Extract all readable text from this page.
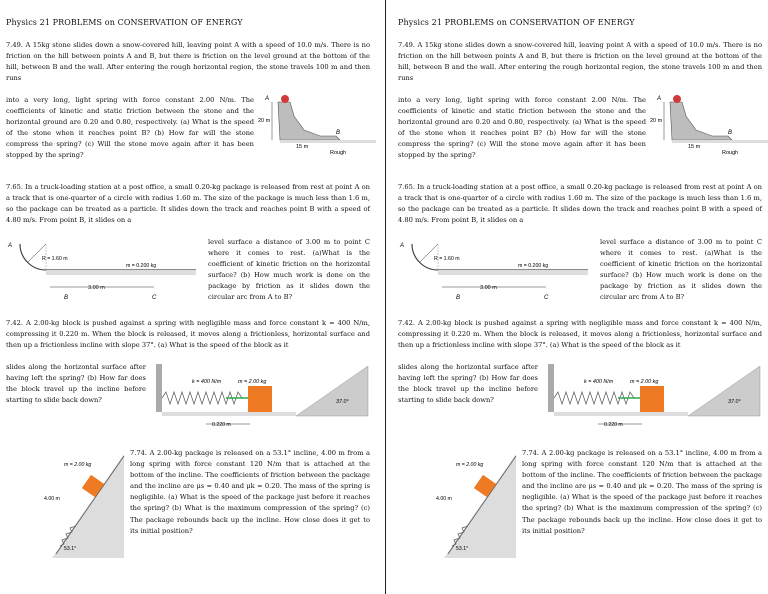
Physics 21 PROBLEMS on CONSERVATION OF ENERGY

7.49. A 15kg stone slides down a snow-covered hill, leaving point A with a speed of 10.0 m/s. There is no friction on the hill between points A and B, but there is friction on the level ground at the bottom of the hill, between B and the wall. After entering the rough horizontal region, the stone travels 100 m and then runs

into a very long, light spring with force constant 2.00 N/m. The coefficients of kinetic and static friction between the stone and the horizontal ground are 0.20 and 0.80, respectively. (a) What is the speed of the stone when it reaches point B? (b) How far will the stone compress the spring? (c) Will the stone move again after it has been stopped by the spring?

A
20 m
B
15 m
Rough

7.65. In a truck-loading station at a post office, a small 0.20-kg package is released from rest at point A on a track that is one-quarter of a circle with radius 1.60 m. The size of the package is much less than 1.6 m, so the package can be treated as a particle. It slides down the track and reaches point B with a speed of 4.80 m/s. From point B, it slides on a

level surface a distance of 3.00 m to point C where it comes to rest. (a)What is the coefficient of kinetic friction on the horizontal surface? (b) How much work is done on the package by friction as it slides down the circular arc from A to B?

A
R = 1.60 m
m = 0.200 kg
3.00 m
B	C

7.42. A 2.00-kg block is pushed against a spring with negligible mass and force constant k = 400 N/m, compressing it 0.220 m. When the block is released, it moves along a frictionless, horizontal surface and then up a frictionless incline with slope 37°. (a) What is the speed of the block as it

slides along the horizontal surface after having left the spring? (b) How far does the block travel up the incline before starting to slide back down?

k = 400 N/m	m = 2.00 kg
37.0°
0.220 m
m = 2.00 kg
4.00 m
53.1°

7.74. A 2.00-kg package is released on a 53.1° incline, 4.00 m from a long spring with force constant 120 N/m that is attached at the bottom of the incline. The coefficients of friction between the package and the incline are μs = 0.40 and μk = 0.20. The mass of the spring is negligible. (a) What is the speed of the package just before it reaches the spring? (b) What is the maximum compression of the spring? (c) The package rebounds back up the incline. How close does it get to its initial position?

Physics 21 PROBLEMS on CONSERVATION OF ENERGY

7.49. A 15kg stone slides down a snow-covered hill, leaving point A with a speed of 10.0 m/s. There is no friction on the hill between points A and B, but there is friction on the level ground at the bottom of the hill, between B and the wall. After entering the rough horizontal region, the stone travels 100 m and then runs

into a very long, light spring with force constant 2.00 N/m. The coefficients of kinetic and static friction between the stone and the horizontal ground are 0.20 and 0.80, respectively. (a) What is the speed of the stone when it reaches point B? (b) How far will the stone compress the spring? (c) Will the stone move again after it has been stopped by the spring?

A
20 m
B
15 m
Rough

7.65. In a truck-loading station at a post office, a small 0.20-kg package is released from rest at point A on a track that is one-quarter of a circle with radius 1.60 m. The size of the package is much less than 1.6 m, so the package can be treated as a particle. It slides down the track and reaches point B with a speed of 4.80 m/s. From point B, it slides on a

level surface a distance of 3.00 m to point C where it comes to rest. (a)What is the coefficient of kinetic friction on the horizontal surface? (b) How much work is done on the package by friction as it slides down the circular arc from A to B?

A
R = 1.60 m
m = 0.200 kg
3.00 m
B	C

7.42. A 2.00-kg block is pushed against a spring with negligible mass and force constant k = 400 N/m, compressing it 0.220 m. When the block is released, it moves along a frictionless, horizontal surface and then up a frictionless incline with slope 37°. (a) What is the speed of the block as it

slides along the horizontal surface after having left the spring? (b) How far does the block travel up the incline before starting to slide back down?

k = 400 N/m	m = 2.00 kg
37.0°
0.220 m
m = 2.00 kg
4.00 m
53.1°

7.74. A 2.00-kg package is released on a 53.1° incline, 4.00 m from a long spring with force constant 120 N/m that is attached at the bottom of the incline. The coefficients of friction between the package and the incline are μs = 0.40 and μk = 0.20. The mass of the spring is negligible. (a) What is the speed of the package just before it reaches the spring? (b) What is the maximum compression of the spring? (c) The package rebounds back up the incline. How close does it get to its initial position?
